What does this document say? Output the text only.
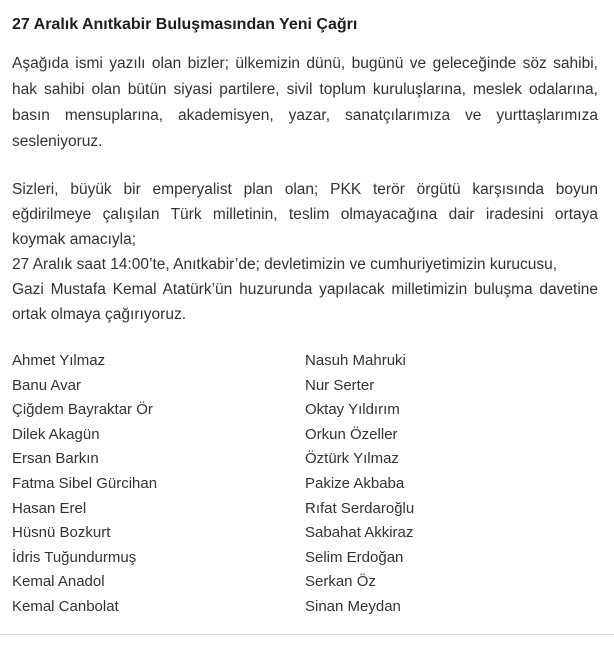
27 Aralık Anıtkabir Buluşmasından Yeni Çağrı

Aşağıda ismi yazılı olan bizler; ülkemizin dünü, bugünü ve geleceğinde söz sahibi, hak sahibi olan bütün siyasi partilere, sivil toplum kuruluşlarına, meslek odalarına, basın mensuplarına, akademisyen, yazar, sanatçılarımıza ve yurttaşlarımıza sesleniyoruz.

Sizleri, büyük bir emperyalist plan olan; PKK terör örgütü karşısında boyun eğdirilmeye çalışılan Türk milletinin, teslim olmayacağına dair iradesini ortaya koymak amacıyla;

27 Aralık saat 14:00’te, Anıtkabir’de; devletimizin ve cumhuriyetimizin kurucusu,

Gazi Mustafa Kemal Atatürk’ün huzurunda yapılacak milletimizin buluşma davetine ortak olmaya çağırıyoruz.

Ahmet Yılmaz
Banu Avar
Çiğdem Bayraktar Ör
Dilek Akagün
Ersan Barkın
Fatma Sibel Gürcihan
Hasan Erel
Hüsnü Bozkurt
İdris Tuğundurmuş
Kemal Anadol
Kemal Canbolat
Nasuh Mahruki
Nur Serter
Oktay Yıldırım
Orkun Özeller
Öztürk Yılmaz
Pakize Akbaba
Rıfat Serdaroğlu
Sabahat Akkiraz
Selim Erdoğan
Serkan Öz
Sinan Meydan
